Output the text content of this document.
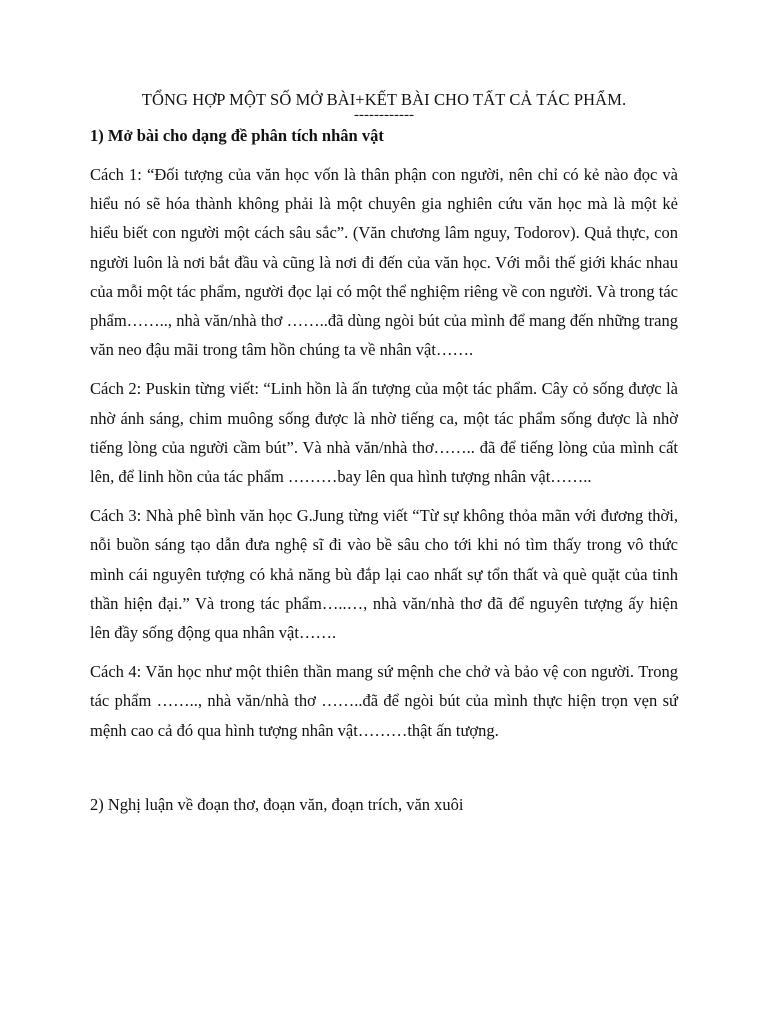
TỔNG HỢP MỘT SỐ MỞ BÀI+KẾT BÀI CHO TẤT CẢ TÁC PHẨM.

------------

1) Mở bài cho dạng đề phân tích nhân vật

Cách 1: “Đối tượng của văn học vốn là thân phận con người, nên chỉ có kẻ nào đọc và hiểu nó sẽ hóa thành không phải là một chuyên gia nghiên cứu văn học mà là một kẻ hiểu biết con người một cách sâu sắc”. (Văn chương lâm nguy, Todorov). Quả thực, con người luôn là nơi bắt đầu và cũng là nơi đi đến của văn học. Với mỗi thế giới khác nhau của mỗi một tác phẩm, người đọc lại có một thể nghiệm riêng về con người. Và trong tác phẩm…….., nhà văn/nhà thơ ……..đã dùng ngòi bút của mình để mang đến những trang văn neo đậu mãi trong tâm hồn chúng ta về nhân vật…….

Cách 2: Puskin từng viết: “Linh hồn là ấn tượng của một tác phẩm. Cây cỏ sống được là nhờ ánh sáng, chim muông sống được là nhờ tiếng ca, một tác phẩm sống được là nhờ tiếng lòng của người cầm bút”. Và nhà văn/nhà thơ…….. đã để tiếng lòng của mình cất lên, để linh hồn của tác phẩm ………bay lên qua hình tượng nhân vật……..

Cách 3: Nhà phê bình văn học G.Jung từng viết “Từ sự không thỏa mãn với đương thời, nỗi buồn sáng tạo dẫn đưa nghệ sĩ đi vào bề sâu cho tới khi nó tìm thấy trong vô thức mình cái nguyên tượng có khả năng bù đắp lại cao nhất sự tổn thất và què quặt của tinh thần hiện đại.” Và trong tác phẩm…..…, nhà văn/nhà thơ đã để nguyên tượng ấy hiện lên đầy sống động qua nhân vật…….

Cách 4: Văn học như một thiên thần mang sứ mệnh che chở và bảo vệ con người. Trong tác phẩm …….., nhà văn/nhà thơ ……..đã để ngòi bút của mình thực hiện trọn vẹn sứ mệnh cao cả đó qua hình tượng nhân vật………thật ấn tượng.

2) Nghị luận về đoạn thơ, đoạn văn, đoạn trích, văn xuôi
